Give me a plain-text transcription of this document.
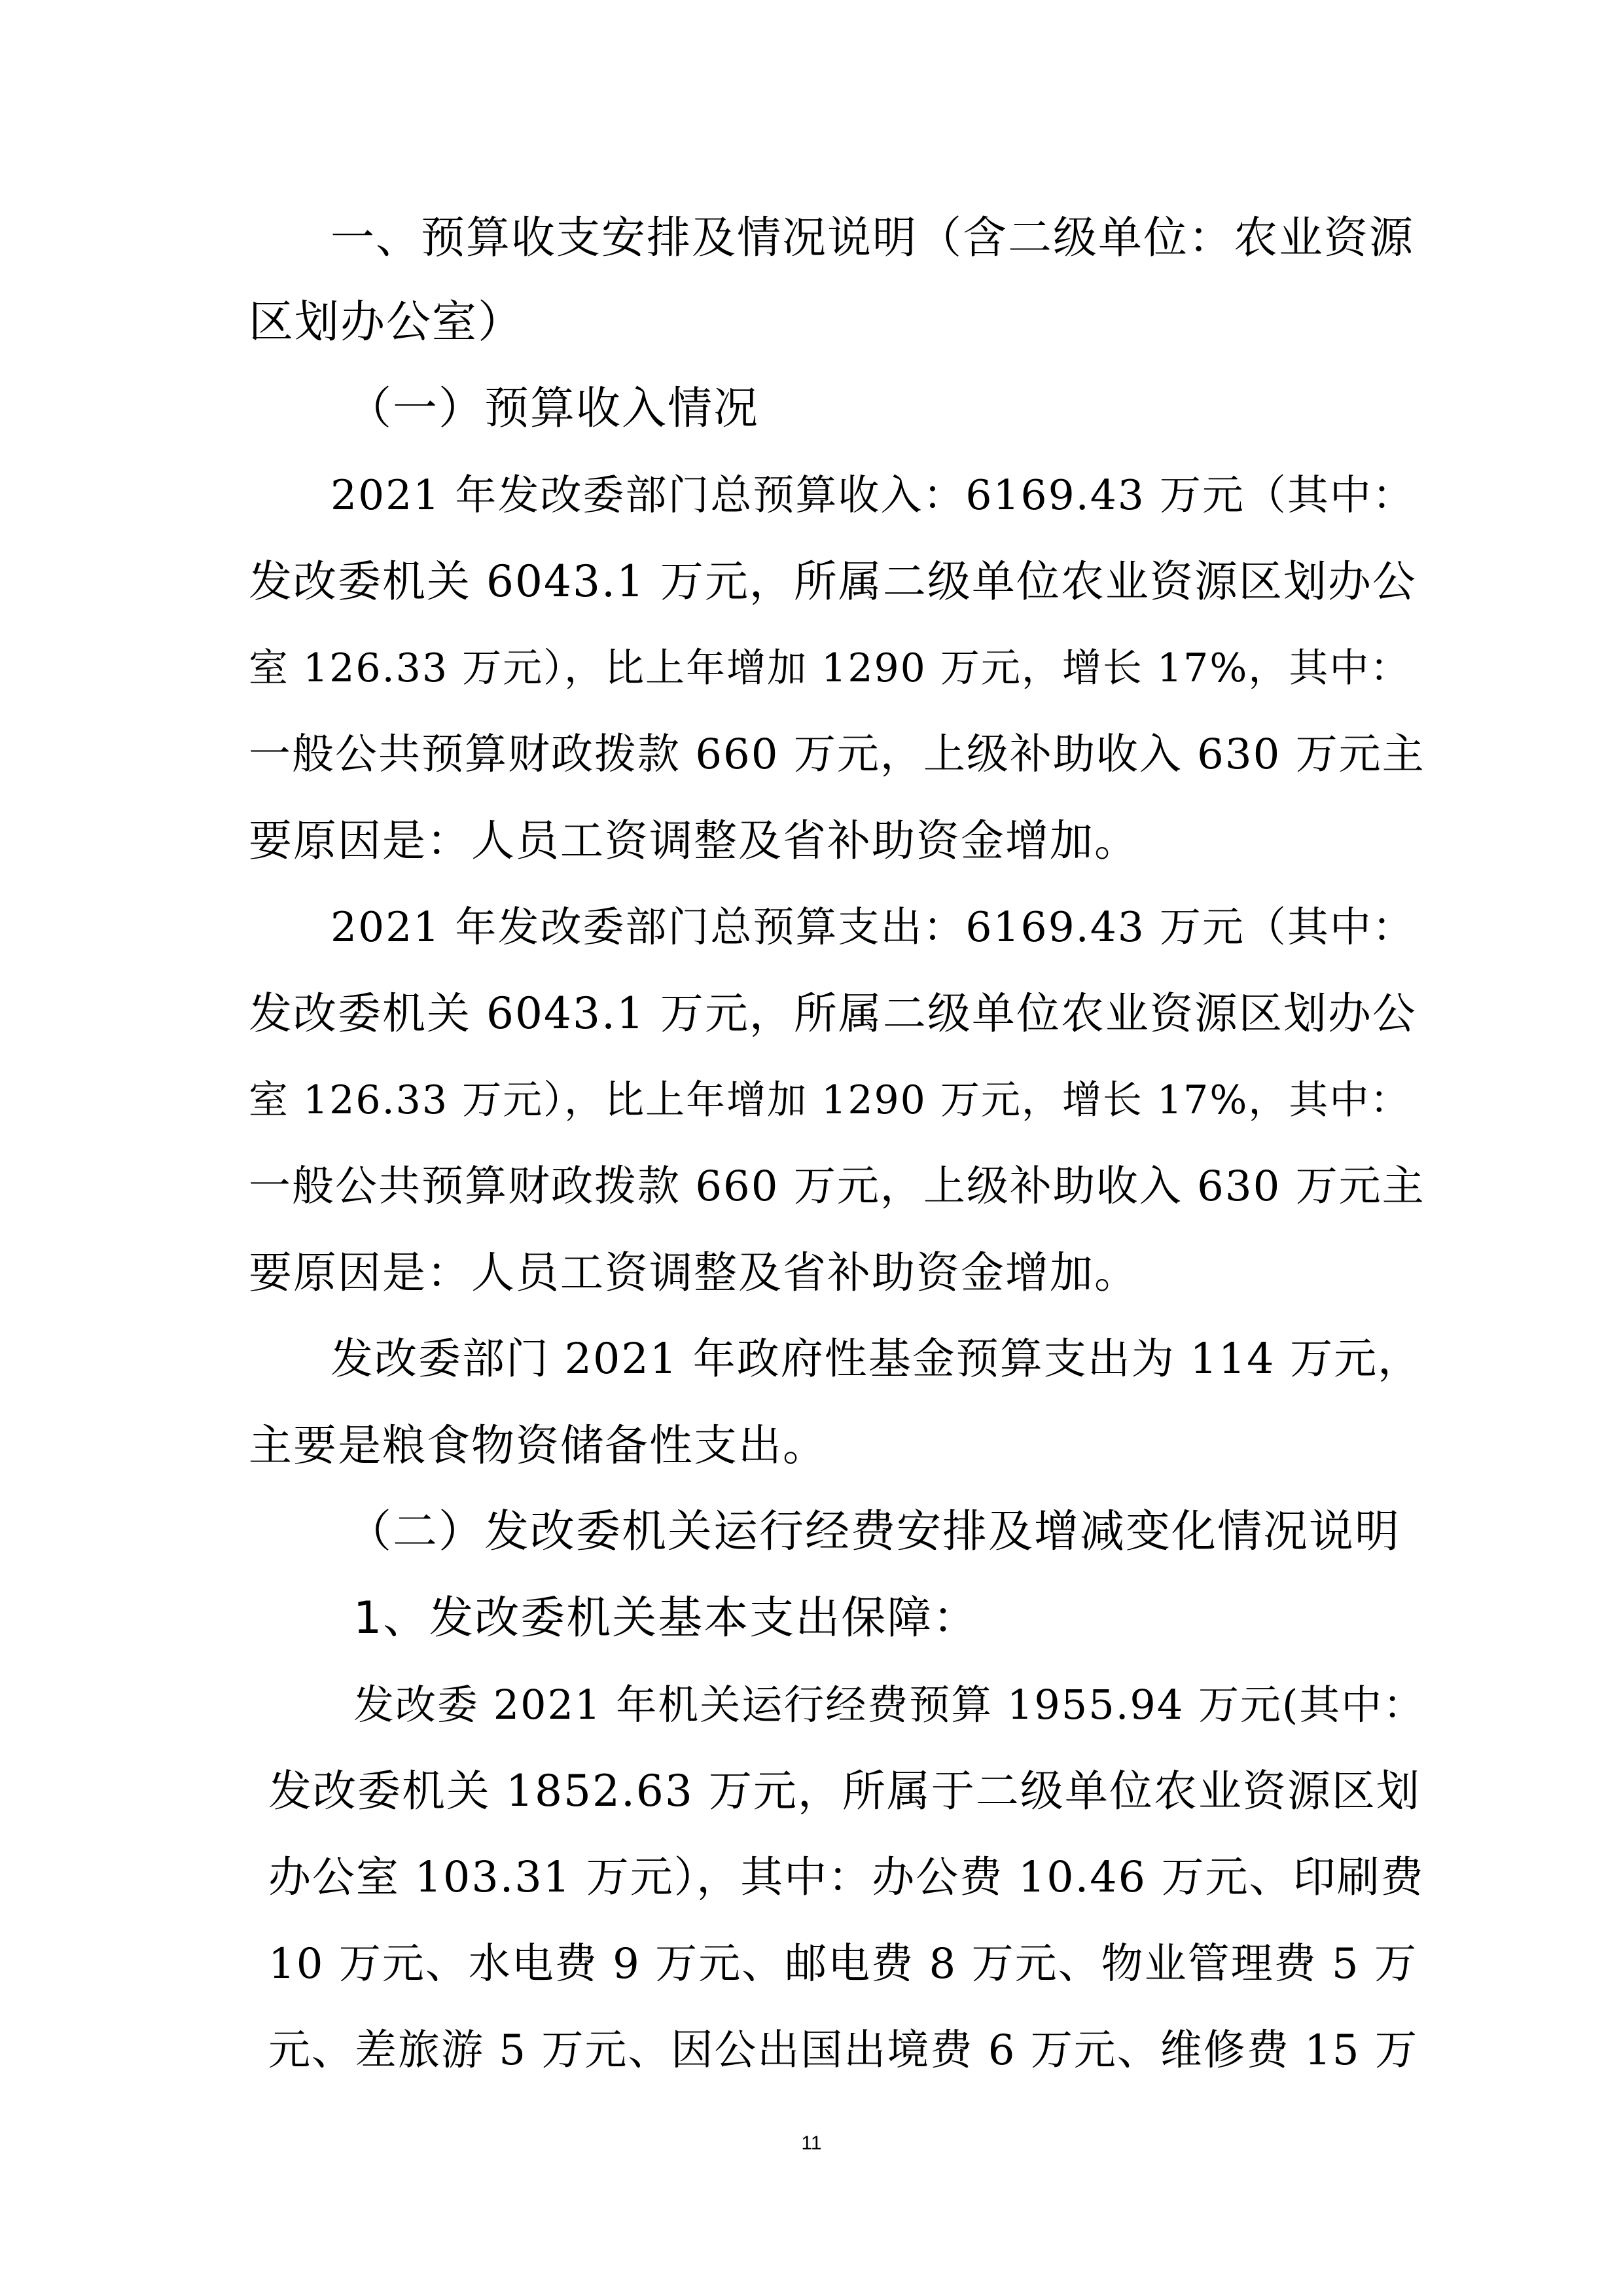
一、预算收支安排及情况说明（含二级单位：农业资源
区划办公室）
（一）预算收入情况
2021 年发改委部门总预算收入：6169.43 万元（其中：
发改委机关 6043.1 万元，所属二级单位农业资源区划办公
室 126.33 万元），比上年增加 1290 万元，增长 17%，其中：
一般公共预算财政拨款 660 万元，上级补助收入 630 万元主
要原因是：人员工资调整及省补助资金增加。
2021 年发改委部门总预算支出：6169.43 万元（其中：
发改委机关 6043.1 万元，所属二级单位农业资源区划办公
室 126.33 万元），比上年增加 1290 万元，增长 17%，其中：
一般公共预算财政拨款 660 万元，上级补助收入 630 万元主
要原因是：人员工资调整及省补助资金增加。
发改委部门 2021 年政府性基金预算支出为 114 万元，
主要是粮食物资储备性支出。
（二）发改委机关运行经费安排及增减变化情况说明
1、发改委机关基本支出保障：
发改委 2021 年机关运行经费预算 1955.94 万元(其中：
发改委机关 1852.63 万元，所属于二级单位农业资源区划
办公室 103.31 万元），其中：办公费 10.46 万元、印刷费
10 万元、水电费 9 万元、邮电费 8 万元、物业管理费 5 万
元、差旅游 5 万元、因公出国出境费 6 万元、维修费 15 万
11
